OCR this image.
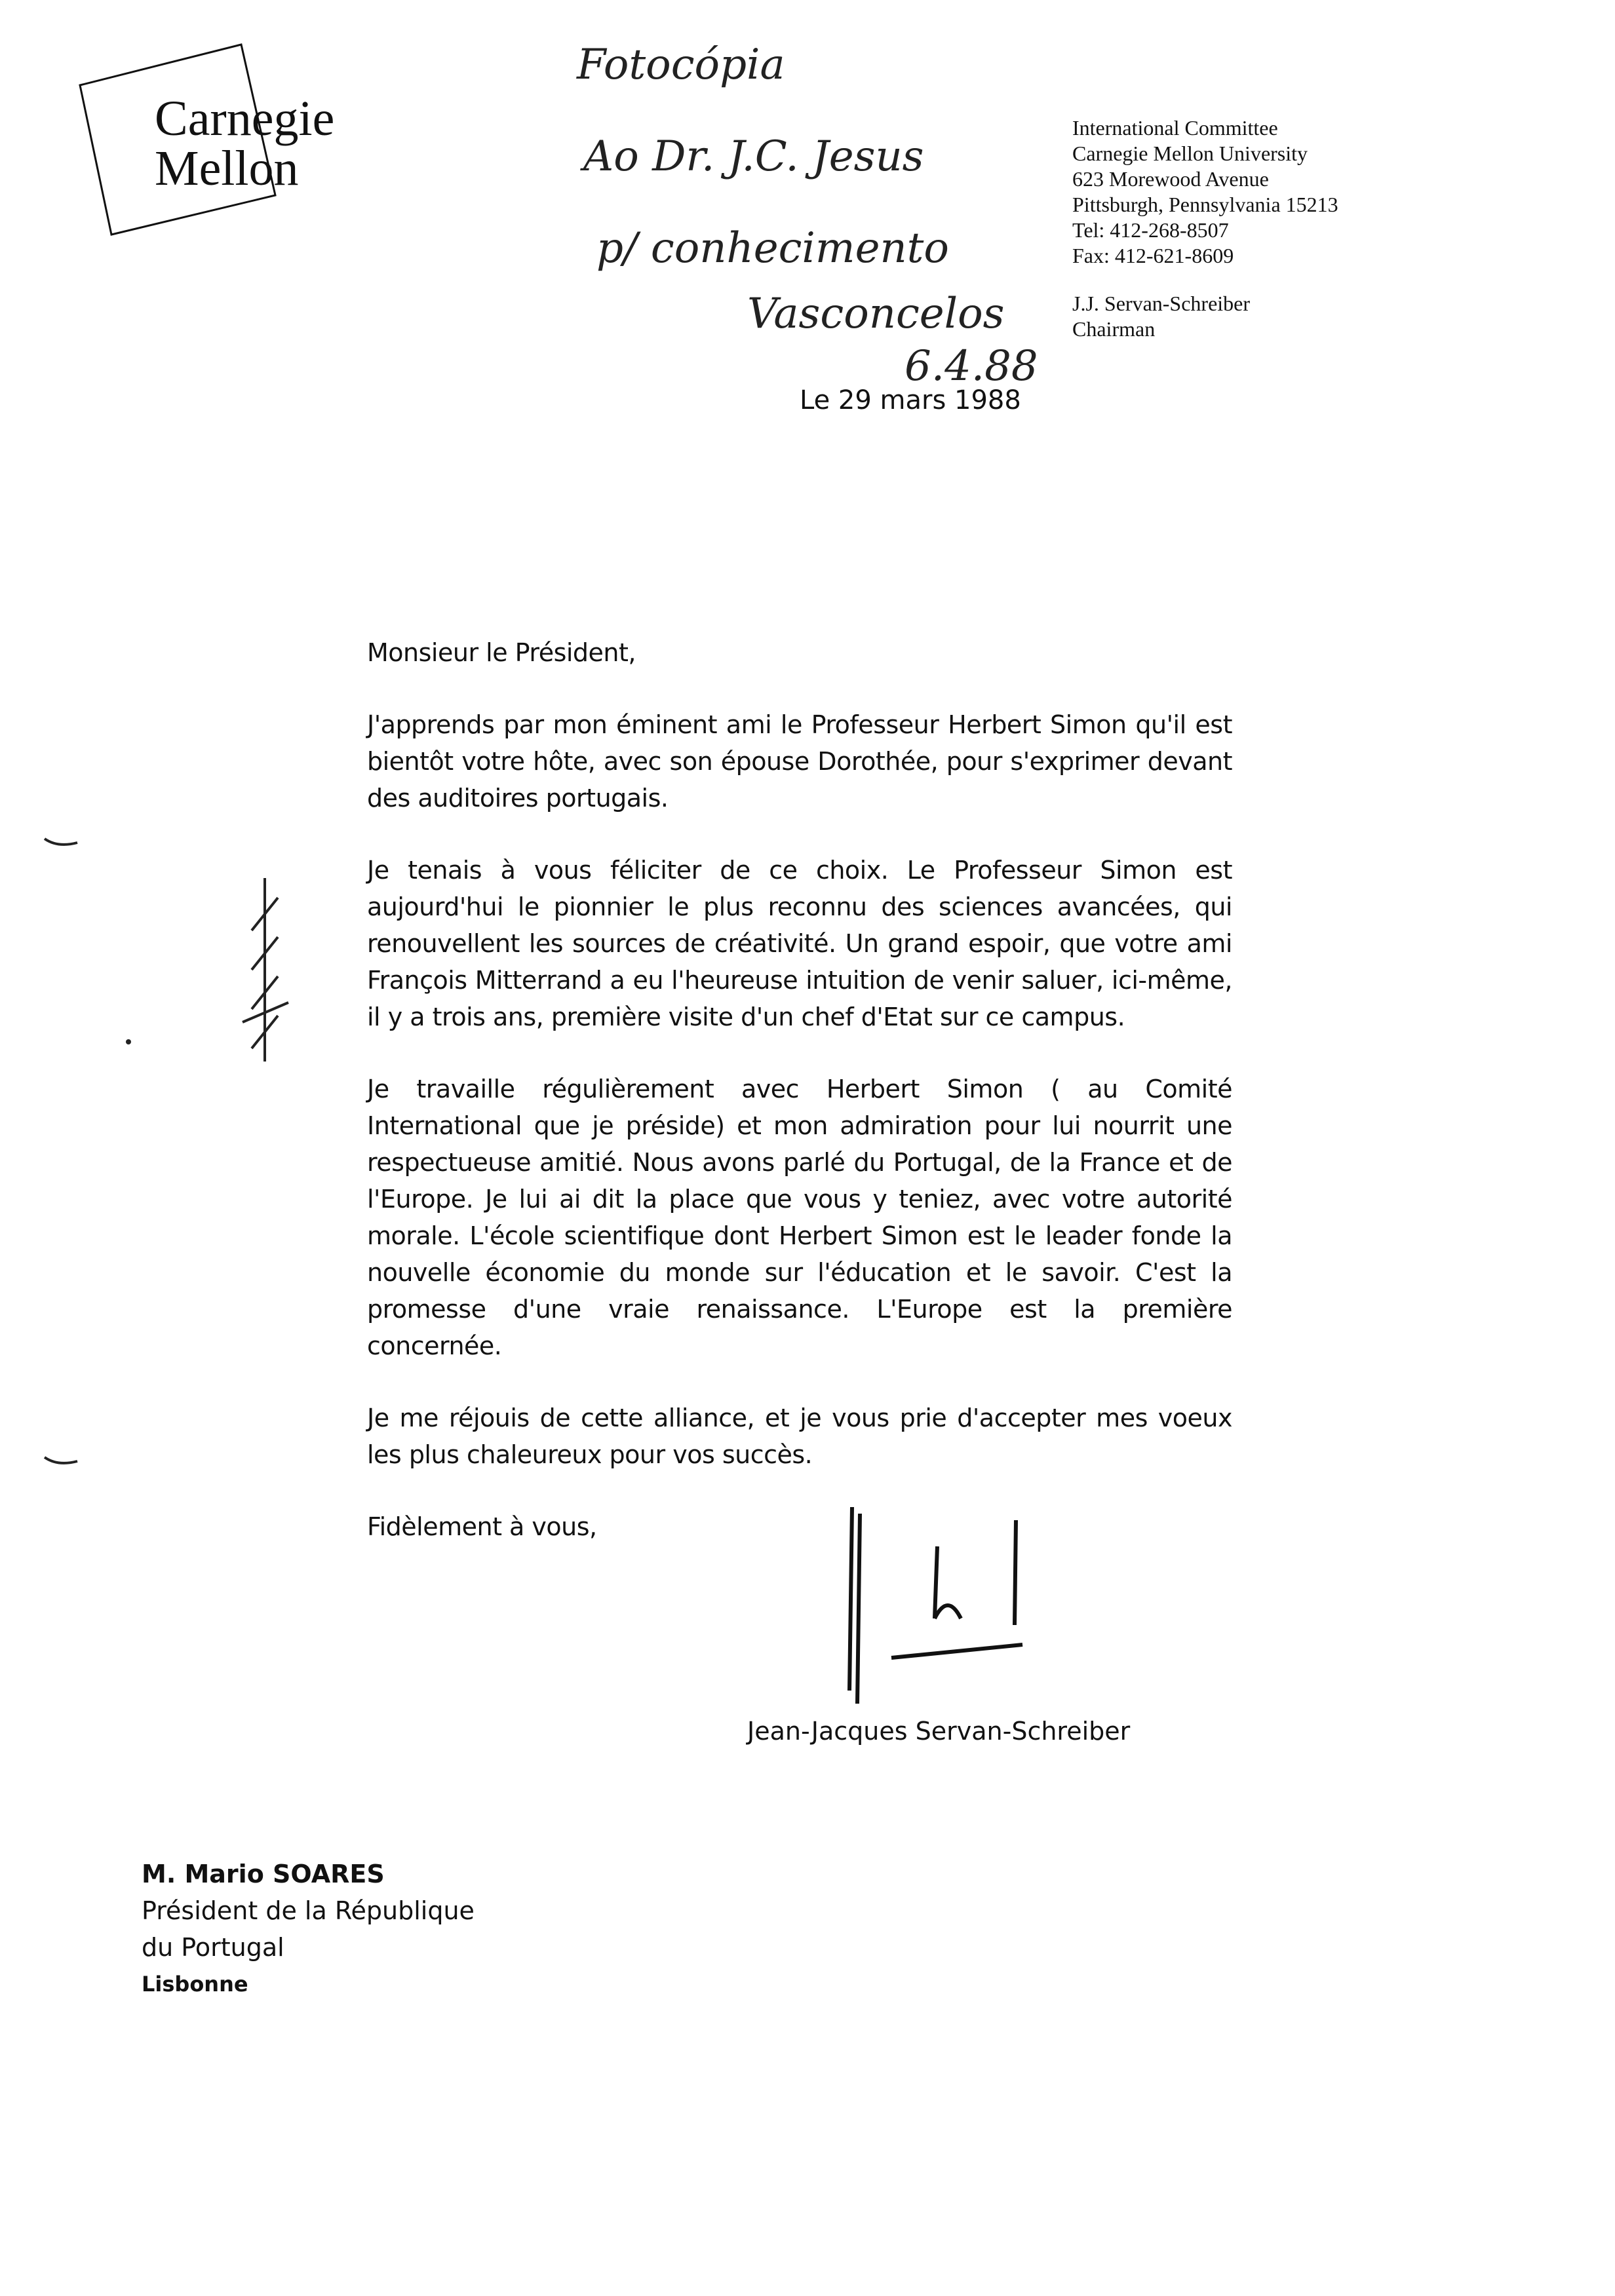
Carnegie
Mellon
Fotocópia
Ao Dr. J.C. Jesus
p/ conhecimento
Vasconcelos
6.4.88
International Committee
Carnegie Mellon University
623 Morewood Avenue
Pittsburgh, Pennsylvania 15213
Tel: 412-268-8507
Fax: 412-621-8609
J.J. Servan-Schreiber
Chairman
Le 29 mars 1988

Monsieur le Président,

J'apprends par mon éminent ami le Professeur Herbert Simon qu'il est bientôt votre hôte, avec son épouse Dorothée, pour s'exprimer devant des auditoires portugais.

Je tenais à vous féliciter de ce choix. Le Professeur Simon est aujourd'hui le pionnier le plus reconnu des sciences avancées, qui renouvellent les sources de créativité. Un grand espoir, que votre ami François Mitterrand a eu l'heureuse intuition de venir saluer, ici-même, il y a trois ans, première visite d'un chef d'Etat sur ce campus.

Je travaille régulièrement avec Herbert Simon ( au Comité International que je préside) et mon admiration pour lui nourrit une respectueuse amitié. Nous avons parlé du Portugal, de la France et de l'Europe. Je lui ai dit la place que vous y teniez, avec votre autorité morale. L'école scientifique dont Herbert Simon est le leader fonde la nouvelle économie du monde sur l'éducation et le savoir. C'est la promesse d'une vraie renaissance. L'Europe est la première concernée.

Je me réjouis de cette alliance, et je vous prie d'accepter mes voeux les plus chaleureux pour vos succès.

Fidèlement à vous,

Jean-Jacques Servan-Schreiber
M. Mario SOARES
Président de la République
du Portugal
Lisbonne
